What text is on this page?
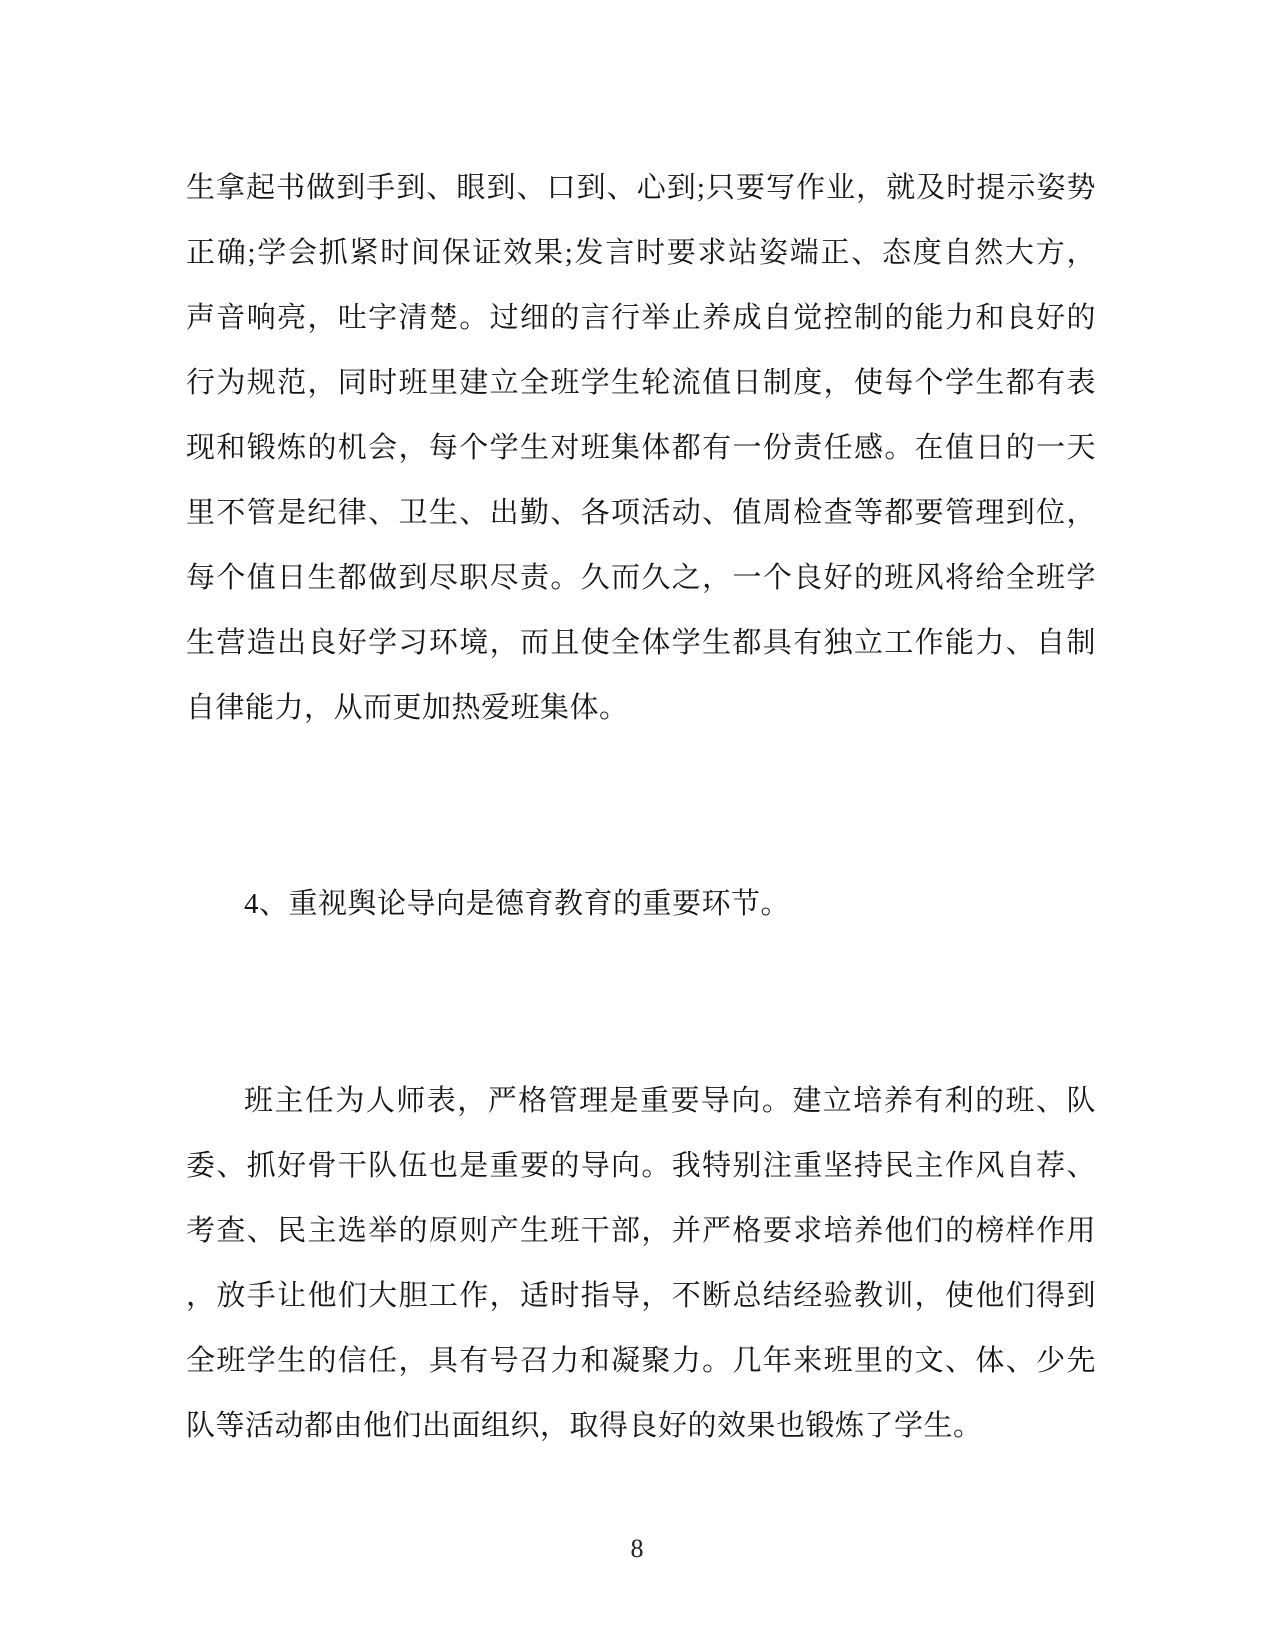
生拿起书做到手到、眼到、口到、心到;只要写作业，就及时提示姿势
正确;学会抓紧时间保证效果;发言时要求站姿端正、态度自然大方，
声音响亮，吐字清楚。过细的言行举止养成自觉控制的能力和良好的
行为规范，同时班里建立全班学生轮流值日制度，使每个学生都有表
现和锻炼的机会，每个学生对班集体都有一份责任感。在值日的一天
里不管是纪律、卫生、出勤、各项活动、值周检查等都要管理到位，
每个值日生都做到尽职尽责。久而久之，一个良好的班风将给全班学
生营造出良好学习环境，而且使全体学生都具有独立工作能力、自制
自律能力，从而更加热爱班集体。
4、重视舆论导向是德育教育的重要环节。
班主任为人师表，严格管理是重要导向。建立培养有利的班、队
委、抓好骨干队伍也是重要的导向。我特别注重坚持民主作风自荐、
考查、民主选举的原则产生班干部，并严格要求培养他们的榜样作用
，放手让他们大胆工作，适时指导，不断总结经验教训，使他们得到
全班学生的信任，具有号召力和凝聚力。几年来班里的文、体、少先
队等活动都由他们出面组织，取得良好的效果也锻炼了学生。
8
